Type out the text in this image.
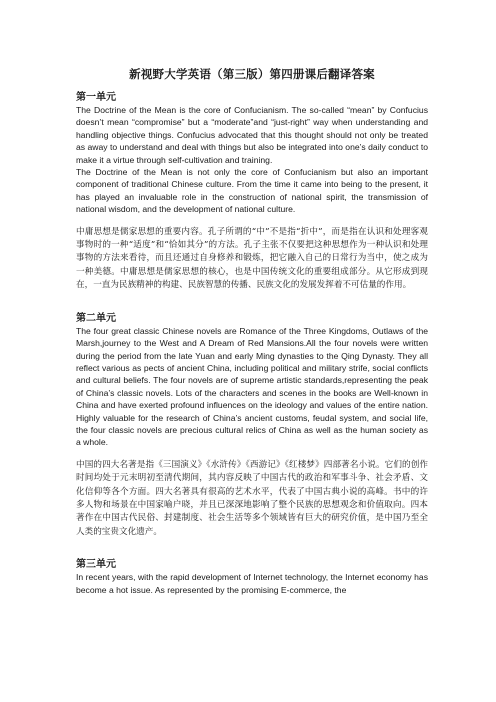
新视野大学英语（第三版）第四册课后翻译答案
第一单元

The Doctrine of the Mean is the core of Confucianism. The so-called “mean” by Confucius doesn’t mean “compromise” but a “moderate”and “just-right” way when understanding and handling objective things. Confucius advocated that this thought should not only be treated as away to understand and deal with things but also be integrated into one’s daily conduct to make it a virtue through self-cultivation and training.

The Doctrine of the Mean is not only the core of Confucianism but also an important component of traditional Chinese culture. From the time it came into being to the present, it has played an invaluable role in the construction of national spirit, the transmission of national wisdom, and the development of national culture.

中庸思想是儒家思想的重要内容。孔子所谓的“中”不是指“折中”，而是指在认识和处理客观事物时的一种“适度”和“恰如其分”的方法。孔子主张不仅要把这种思想作为一种认识和处理事物的方法来看待，而且还通过自身修养和锻炼，把它融入自己的日常行为当中，使之成为一种美德。中庸思想是儒家思想的核心，也是中国传统文化的重要组成部分。从它形成到现在，一直为民族精神的构建、民族智慧的传播、民族文化的发展发挥着不可估量的作用。

第二单元

The four great classic Chinese novels are Romance of the Three Kingdoms, Outlaws of the Marsh,journey to the West and A Dream of Red Mansions.All the four novels were written during the period from the late Yuan and early Ming dynasties to the Qing Dynasty. They all reflect various as pects of ancient China, including political and military strife, social conflicts and cultural beliefs. The four novels are of supreme artistic standards,representing the peak of China’s classic novels. Lots of the characters and scenes in the books are Well-known in China and have exerted profound influences on the ideology and values of the entire nation. Highly valuable for the research of China’s ancient customs, feudal system, and social life, the four classic novels are precious cultural relics of China as well as the human society as a whole.

中国的四大名著是指《三国演义》《水浒传》《西游记》《红楼梦》四部著名小说。它们的创作时间均处于元末明初至清代期间，其内容反映了中国古代的政治和军事斗争、社会矛盾、文化信仰等各个方面。四大名著具有很高的艺术水平，代表了中国古典小说的高峰。书中的许多人物和场景在中国家喻户晓，并且已深深地影响了整个民族的思想观念和价值取向。四本著作在中国古代民俗、封建制度、社会生活等多个领域皆有巨大的研究价值，是中国乃至全人类的宝贵文化遗产。

第三单元

In recent years, with the rapid development of Internet technology, the Internet economy has become a hot issue. As represented by the promising E-commerce, the
